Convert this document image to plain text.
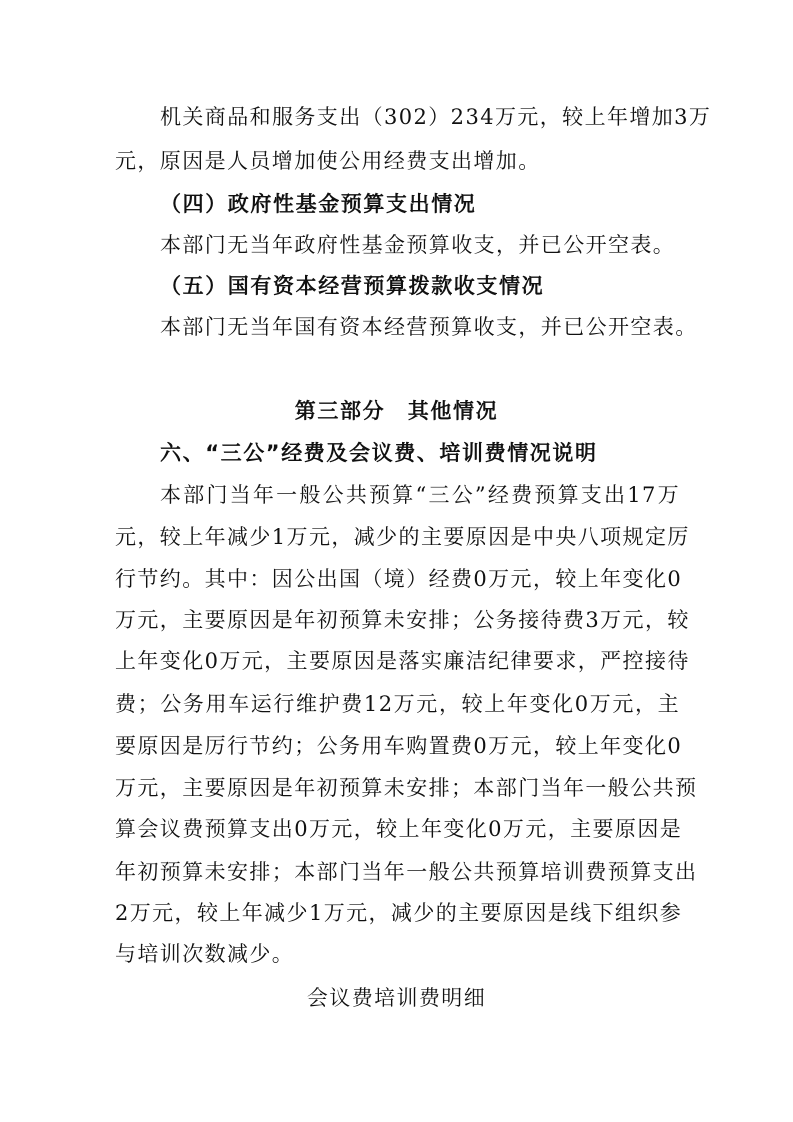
机关商品和服务支出（302）234万元，较上年增加3万
元，原因是人员增加使公用经费支出增加。
（四）政府性基金预算支出情况
本部门无当年政府性基金预算收支，并已公开空表。
（五）国有资本经营预算拨款收支情况
本部门无当年国有资本经营预算收支，并已公开空表。
第三部分　其他情况
六、“三公”经费及会议费、培训费情况说明
本部门当年一般公共预算“三公”经费预算支出17万
元，较上年减少1万元，减少的主要原因是中央八项规定厉
行节约。其中：因公出国（境）经费0万元，较上年变化0
万元，主要原因是年初预算未安排；公务接待费3万元，较
上年变化0万元，主要原因是落实廉洁纪律要求，严控接待
费；公务用车运行维护费12万元，较上年变化0万元，主
要原因是厉行节约；公务用车购置费0万元，较上年变化0
万元，主要原因是年初预算未安排；本部门当年一般公共预
算会议费预算支出0万元，较上年变化0万元，主要原因是
年初预算未安排；本部门当年一般公共预算培训费预算支出
2万元，较上年减少1万元，减少的主要原因是线下组织参
与培训次数减少。
会议费培训费明细
